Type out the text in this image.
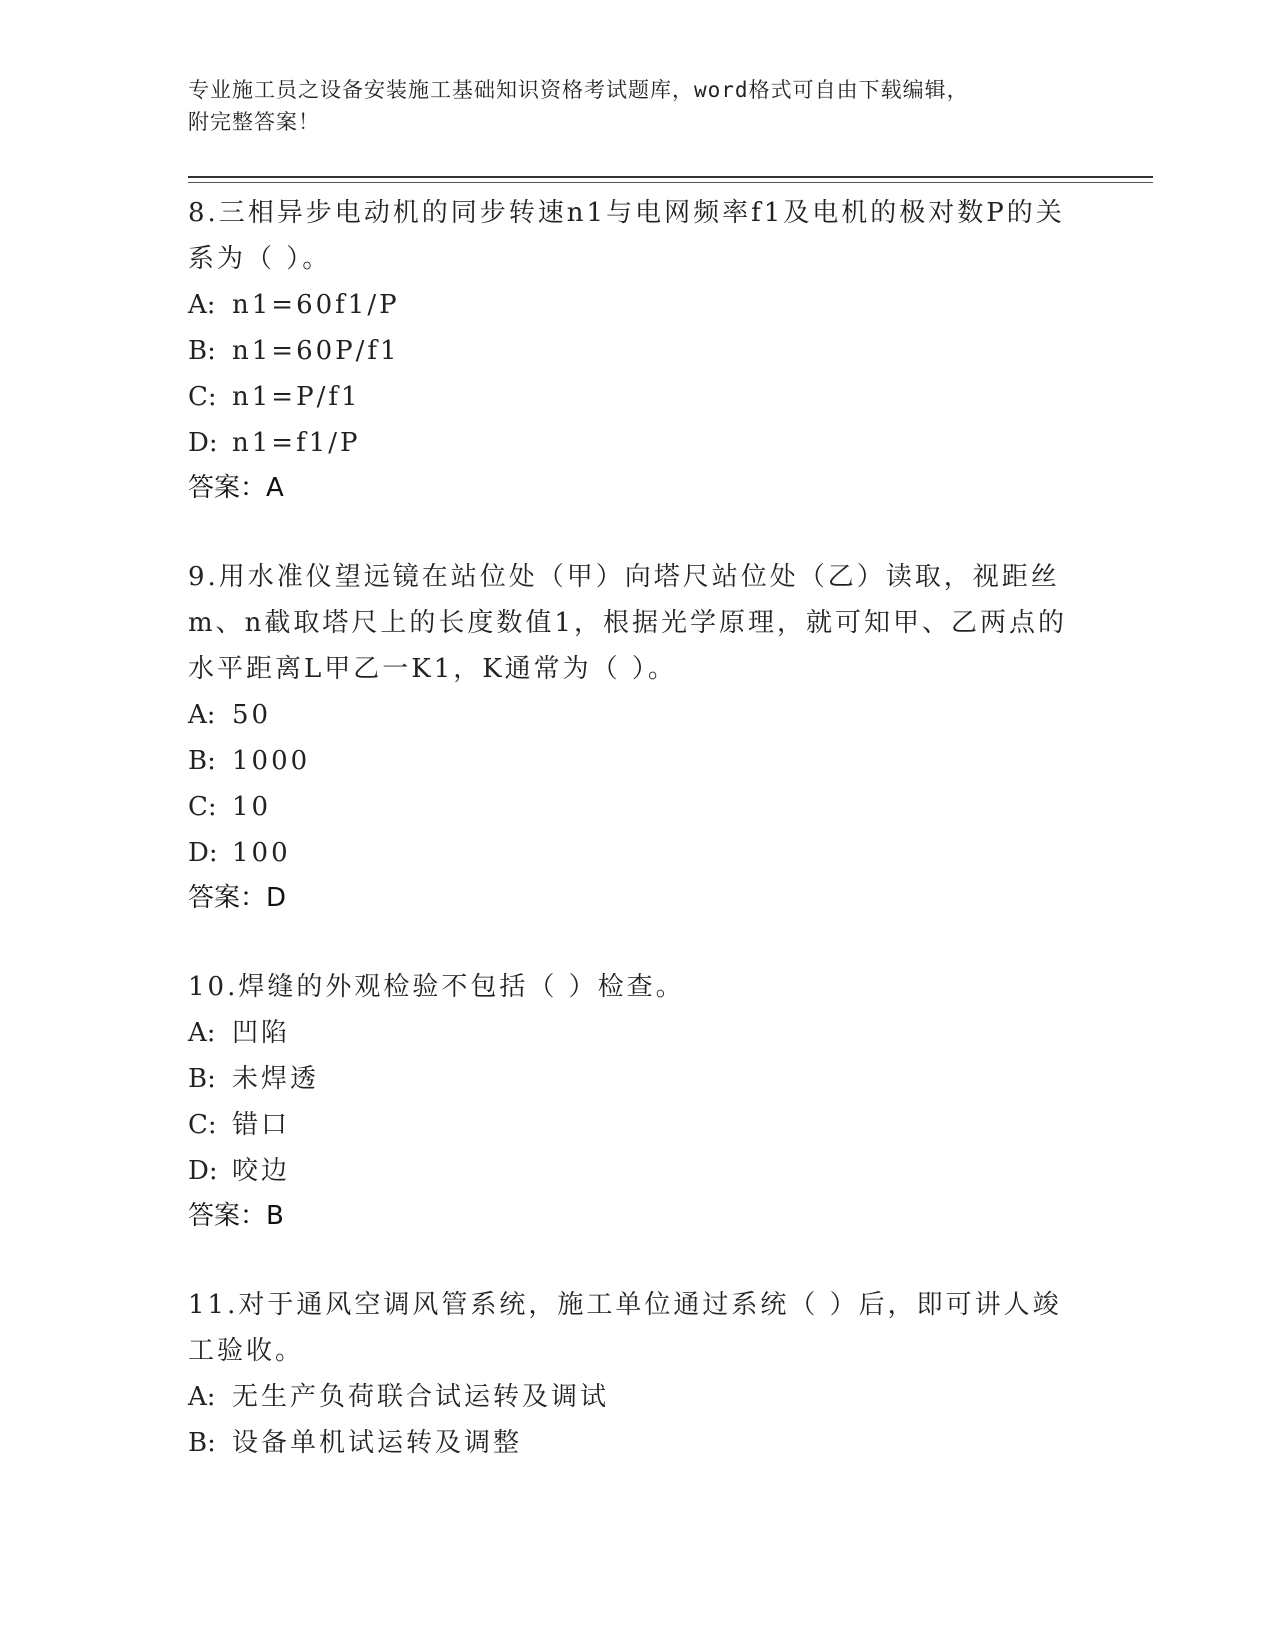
专业施工员之设备安装施工基础知识资格考试题库，word格式可自由下载编辑，
附完整答案！

8.三相异步电动机的同步转速n1与电网频率f1及电机的极对数P的关系为（ ）。

A: n1=60f1/P
B: n1=60P/f1
C: n1=P/f1
D: n1=f1/P
答案：A

9.用水准仪望远镜在站位处（甲）向塔尺站位处（乙）读取，视距丝m、n截取塔尺上的长度数值1，根据光学原理，就可知甲、乙两点的水平距离L甲乙一K1，K通常为（ ）。

A: 50
B: 1000
C: 10
D: 100
答案：D

10.焊缝的外观检验不包括（ ）检查。

A: 凹陷
B: 未焊透
C: 错口
D: 咬边
答案：B

11.对于通风空调风管系统，施工单位通过系统（ ）后，即可讲人竣工验收。

A: 无生产负荷联合试运转及调试
B: 设备单机试运转及调整
